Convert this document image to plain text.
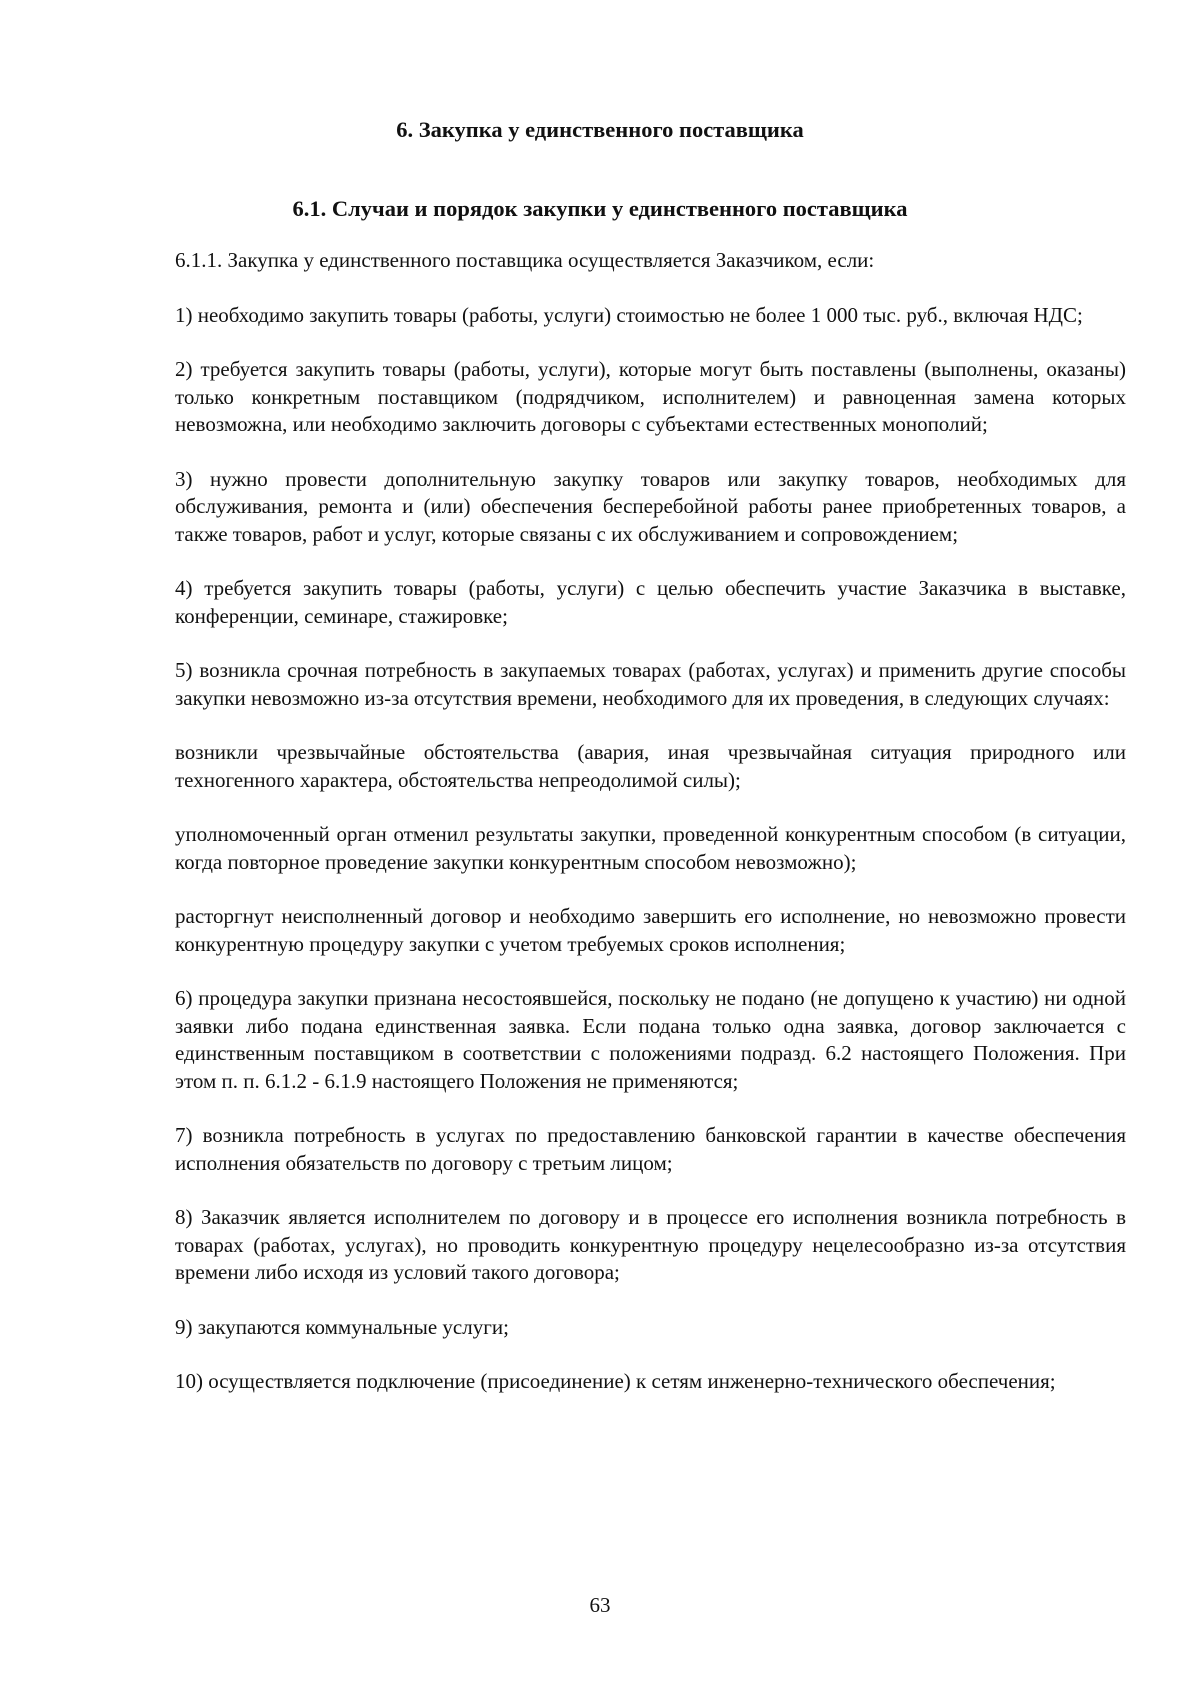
6. Закупка у единственного поставщика
6.1. Случаи и порядок закупки у единственного поставщика

6.1.1. Закупка у единственного поставщика осуществляется Заказчиком, если:

1) необходимо закупить товары (работы, услуги) стоимостью не более 1 000 тыс. руб., включая НДС;

2) требуется закупить товары (работы, услуги), которые могут быть поставлены (выполнены, оказаны) только конкретным поставщиком (подрядчиком, исполнителем) и равноценная замена которых невозможна, или необходимо заключить договоры с субъектами естественных монополий;

3) нужно провести дополнительную закупку товаров или закупку товаров, необходимых для обслуживания, ремонта и (или) обеспечения бесперебойной работы ранее приобретенных товаров, а также товаров, работ и услуг, которые связаны с их обслуживанием и сопровождением;

4) требуется закупить товары (работы, услуги) с целью обеспечить участие Заказчика в выставке, конференции, семинаре, стажировке;

5) возникла срочная потребность в закупаемых товарах (работах, услугах) и применить другие способы закупки невозможно из-за отсутствия времени, необходимого для их проведения, в следующих случаях:

возникли чрезвычайные обстоятельства (авария, иная чрезвычайная ситуация природного или техногенного характера, обстоятельства непреодолимой силы);

уполномоченный орган отменил результаты закупки, проведенной конкурентным способом (в ситуации, когда повторное проведение закупки конкурентным способом невозможно);

расторгнут неисполненный договор и необходимо завершить его исполнение, но невозможно провести конкурентную процедуру закупки с учетом требуемых сроков исполнения;

6) процедура закупки признана несостоявшейся, поскольку не подано (не допущено к участию) ни одной заявки либо подана единственная заявка. Если подана только одна заявка, договор заключается с единственным поставщиком в соответствии с положениями подразд. 6.2 настоящего Положения. При этом п. п. 6.1.2 - 6.1.9 настоящего Положения не применяются;

7) возникла потребность в услугах по предоставлению банковской гарантии в качестве обеспечения исполнения обязательств по договору с третьим лицом;

8) Заказчик является исполнителем по договору и в процессе его исполнения возникла потребность в товарах (работах, услугах), но проводить конкурентную процедуру нецелесообразно из-за отсутствия времени либо исходя из условий такого договора;

9) закупаются коммунальные услуги;

10) осуществляется подключение (присоединение) к сетям инженерно-технического обеспечения;

63
